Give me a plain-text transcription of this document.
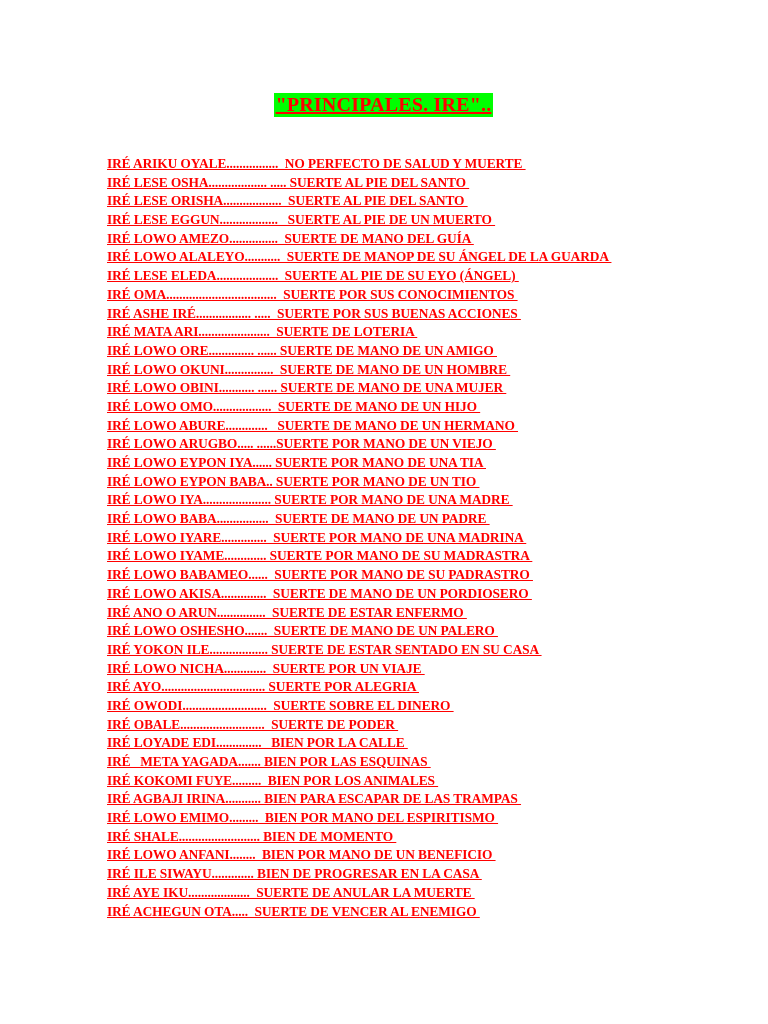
"PRINCIPALES. IRE"..
IRÉ ARIKU OYALE................  NO PERFECTO DE SALUD Y MUERTE
IRÉ LESE OSHA.................. ..... SUERTE AL PIE DEL SANTO
IRÉ LESE ORISHA..................  SUERTE AL PIE DEL SANTO
IRÉ LESE EGGUN..................   SUERTE AL PIE DE UN MUERTO
IRÉ LOWO AMEZO...............  SUERTE DE MANO DEL GUÍA
IRÉ LOWO ALALEYO...........  SUERTE DE MANOP DE SU ÁNGEL DE LA GUARDA
IRÉ LESE ELEDA...................  SUERTE AL PIE DE SU EYO (ÁNGEL)
IRÉ OMA..................................  SUERTE POR SUS CONOCIMIENTOS
IRÉ ASHE IRÉ................. .....  SUERTE POR SUS BUENAS ACCIONES
IRÉ MATA ARI......................  SUERTE DE LOTERIA
IRÉ LOWO ORE.............. ...... SUERTE DE MANO DE UN AMIGO
IRÉ LOWO OKUNI...............  SUERTE DE MANO DE UN HOMBRE
IRÉ LOWO OBINI........... ...... SUERTE DE MANO DE UNA MUJER
IRÉ LOWO OMO..................  SUERTE DE MANO DE UN HIJO
IRÉ LOWO ABURE.............   SUERTE DE MANO DE UN HERMANO
IRÉ LOWO ARUGBO..... ......SUERTE POR MANO DE UN VIEJO
IRÉ LOWO EYPON IYA...... SUERTE POR MANO DE UNA TIA
IRÉ LOWO EYPON BABA.. SUERTE POR MANO DE UN TIO
IRÉ LOWO IYA..................... SUERTE POR MANO DE UNA MADRE
IRÉ LOWO BABA................  SUERTE DE MANO DE UN PADRE
IRÉ LOWO IYARE..............  SUERTE POR MANO DE UNA MADRINA
IRÉ LOWO IYAME............. SUERTE POR MANO DE SU MADRASTRA
IRÉ LOWO BABAMEO......  SUERTE POR MANO DE SU PADRASTRO
IRÉ LOWO AKISA..............  SUERTE DE MANO DE UN PORDIOSERO
IRÉ ANO O ARUN...............  SUERTE DE ESTAR ENFERMO
IRÉ LOWO OSHESHO.......  SUERTE DE MANO DE UN PALERO
IRÉ YOKON ILE.................. SUERTE DE ESTAR SENTADO EN SU CASA
IRÉ LOWO NICHA.............  SUERTE POR UN VIAJE
IRÉ AYO................................ SUERTE POR ALEGRIA
IRÉ OWODI..........................  SUERTE SOBRE EL DINERO
IRÉ OBALE..........................  SUERTE DE PODER
IRÉ LOYADE EDI..............   BIEN POR LA CALLE
IRÉ   META YAGADA....... BIEN POR LAS ESQUINAS
IRÉ KOKOMI FUYE.........  BIEN POR LOS ANIMALES
IRÉ AGBAJI IRINA........... BIEN PARA ESCAPAR DE LAS TRAMPAS
IRÉ LOWO EMIMO.........  BIEN POR MANO DEL ESPIRITISMO
IRÉ SHALE......................... BIEN DE MOMENTO
IRÉ LOWO ANFANI........  BIEN POR MANO DE UN BENEFICIO
IRÉ ILE SIWAYU............. BIEN DE PROGRESAR EN LA CASA
IRÉ AYE IKU...................  SUERTE DE ANULAR LA MUERTE
IRÉ ACHEGUN OTA.....  SUERTE DE VENCER AL ENEMIGO
